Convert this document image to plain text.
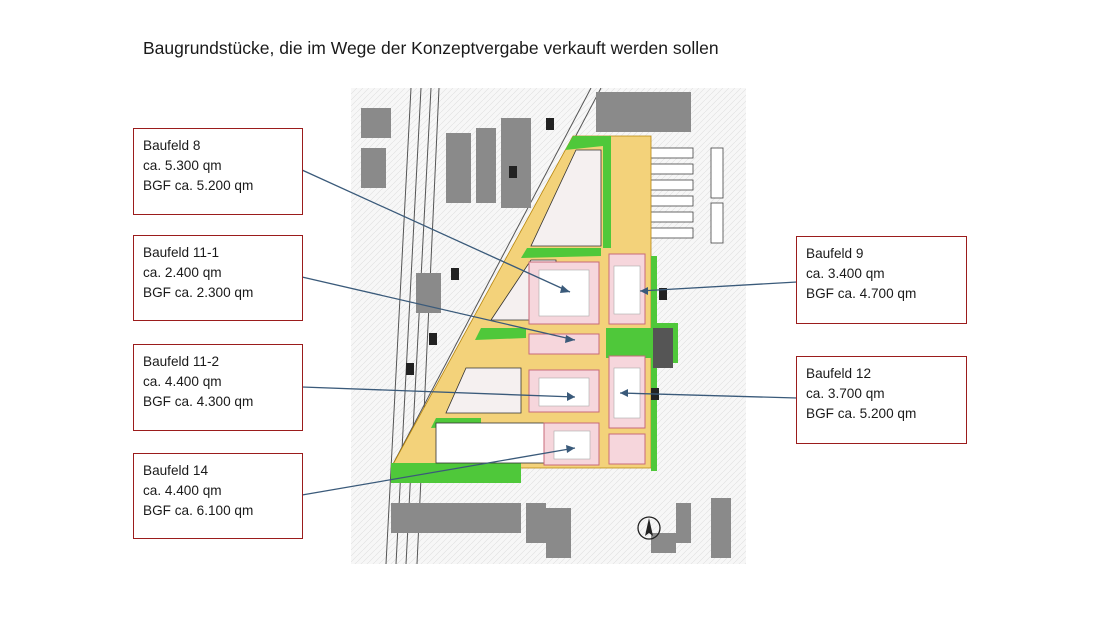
Baugrundstücke, die im Wege der Konzeptvergabe verkauft werden sollen
Baufeld 8
ca. 5.300 qm
BGF ca. 5.200 qm
Baufeld 11-1
ca. 2.400 qm
BGF ca. 2.300 qm
Baufeld 11-2
ca. 4.400 qm
BGF ca. 4.300 qm
Baufeld 14
ca. 4.400 qm
BGF ca. 6.100 qm
Baufeld 9
ca. 3.400 qm
BGF ca. 4.700 qm
Baufeld 12
ca. 3.700 qm
BGF ca. 5.200 qm
